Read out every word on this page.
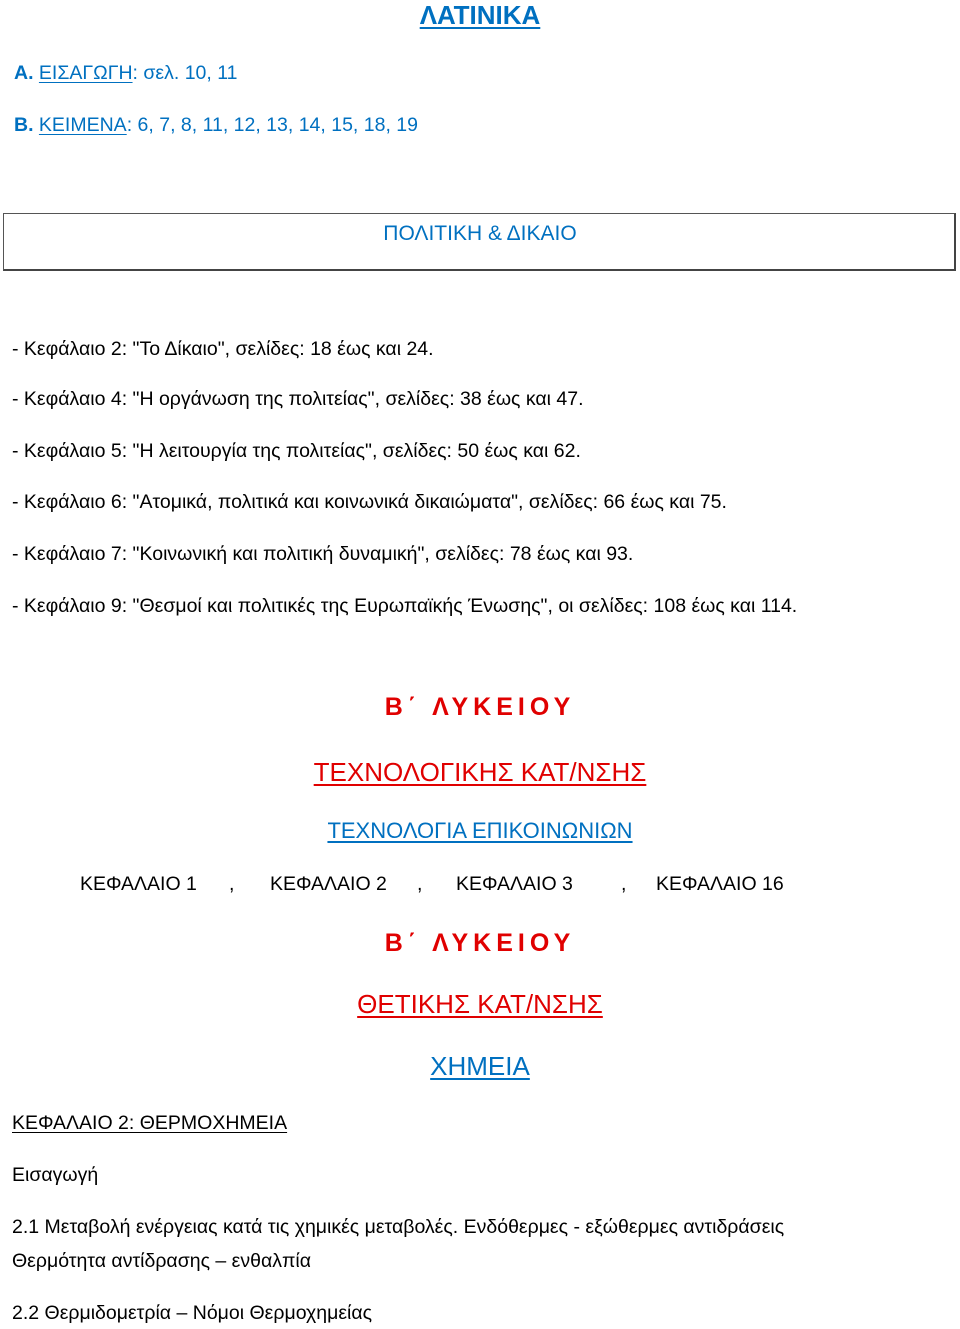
ΛΑΤΙΝΙΚΑ
Α. ΕΙΣΑΓΩΓΗ: σελ. 10, 11
Β. ΚΕΙΜΕΝΑ: 6, 7, 8, 11, 12, 13, 14, 15, 18, 19
ΠΟΛΙΤΙΚΗ & ΔΙΚΑΙΟ
- Κεφάλαιο 2: "Το Δίκαιο", σελίδες: 18 έως και 24.
- Κεφάλαιο 4: "Η οργάνωση της πολιτείας", σελίδες: 38 έως και 47.
- Κεφάλαιο 5: "Η λειτουργία της πολιτείας", σελίδες: 50 έως και 62.
- Κεφάλαιο 6: "Ατομικά, πολιτικά και κοινωνικά δικαιώματα", σελίδες: 66 έως και 75.
- Κεφάλαιο 7: "Κοινωνική και πολιτική δυναμική", σελίδες: 78 έως και 93.
- Κεφάλαιο 9: "Θεσμοί και πολιτικές της Ευρωπαϊκής Ένωσης", οι σελίδες: 108 έως και 114.
Β΄ ΛΥΚΕΙΟΥ
ΤΕΧΝΟΛΟΓΙΚΗΣ ΚΑΤ/ΝΣΗΣ
ΤΕΧΝΟΛΟΓΙΑ ΕΠΙΚΟΙΝΩΝΙΩΝ
ΚΕΦΑΛΑΙΟ 1 , ΚΕΦΑΛΑΙΟ 2 , ΚΕΦΑΛΑΙΟ 3 , ΚΕΦΑΛΑΙΟ 16
Β΄ ΛΥΚΕΙΟΥ
ΘΕΤΙΚΗΣ ΚΑΤ/ΝΣΗΣ
ΧΗΜΕΙΑ
ΚΕΦΑΛΑΙΟ 2: ΘΕΡΜΟΧΗΜΕΙΑ
Εισαγωγή
2.1 Μεταβολή ενέργειας κατά τις χημικές μεταβολές. Ενδόθερμες - εξώθερμες αντιδράσεις
Θερμότητα αντίδρασης – ενθαλπία
2.2 Θερμιδομετρία – Νόμοι Θερμοχημείας
